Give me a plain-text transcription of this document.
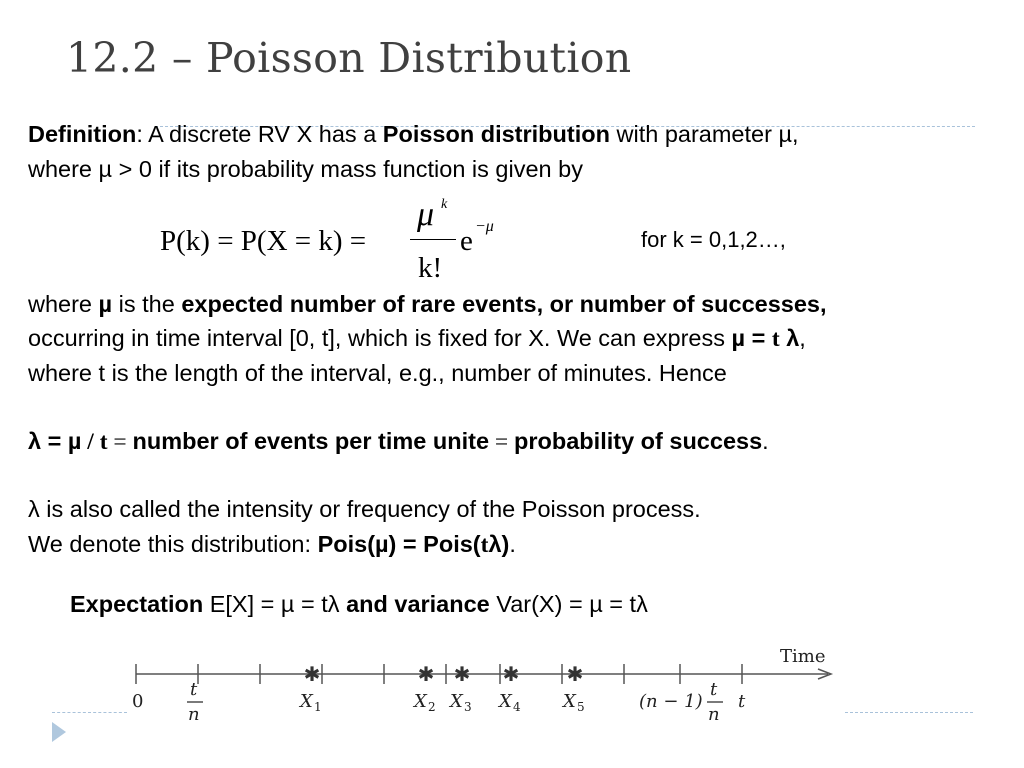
12.2 – Poisson Distribution
Definition: A discrete RV X has a Poisson distribution with parameter µ,
where µ > 0 if its probability mass function is given by
P(k) = P(X = k) =
μ k
k!
e −μ
for k = 0,1,2…,
where µ is the expected number of rare events, or number of successes,
occurring in time interval [0, t], which is fixed for X. We can express µ = t λ,
where t is the length of the interval, e.g., number of minutes. Hence
λ = µ / t = number of events per time unite = probability of success.
λ is also called the intensity or frequency of the Poisson process.
We denote this distribution: Pois(µ) = Pois(tλ).
Expectation E[X] = µ = tλ and variance Var(X) = µ = tλ
Time
✱	✱ ✱ ✱ ✱
0
t
n
X 1	X 2 X 3 X 4 X 5	(n − 1)
t
n
t
